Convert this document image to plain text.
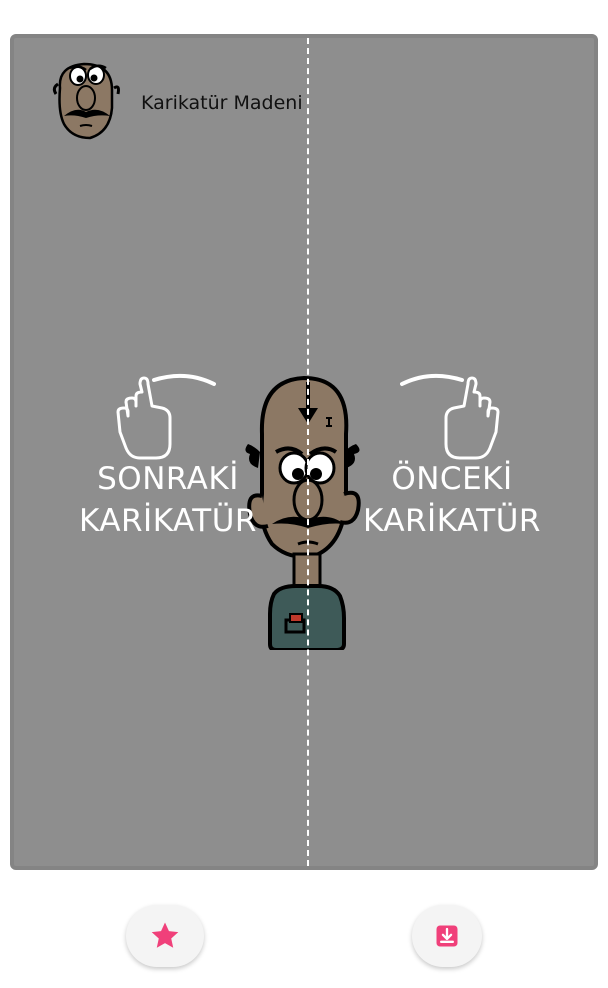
Karikatür Madeni
SONRAKİ
KARİKATÜR
ÖNCEKİ
KARİKATÜR
